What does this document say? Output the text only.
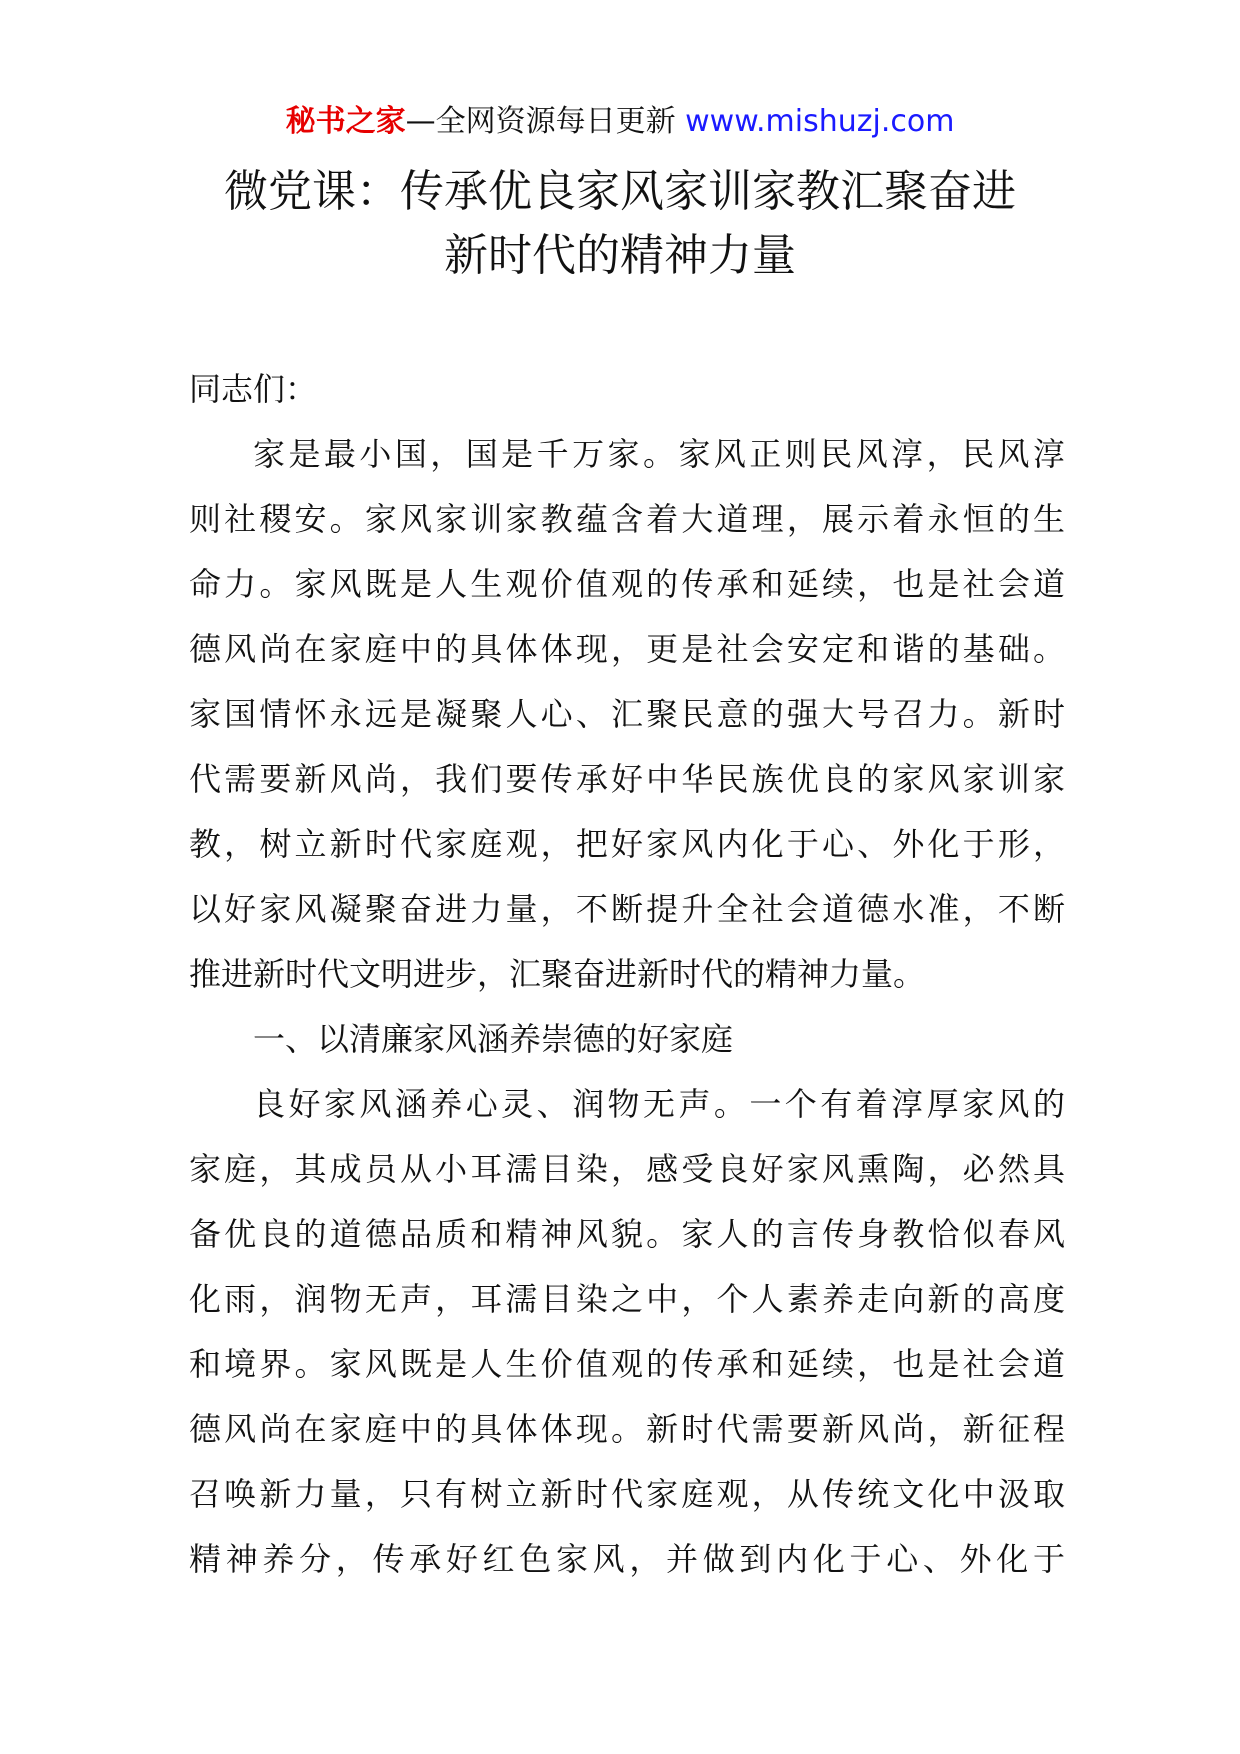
秘书之家—全网资源每日更新 www.mishuzj.com
微党课：传承优良家风家训家教汇聚奋进
新时代的精神力量
同志们：
家是最小国，国是千万家。家风正则民风淳，民风淳
则社稷安。家风家训家教蕴含着大道理，展示着永恒的生
命力。家风既是人生观价值观的传承和延续，也是社会道
德风尚在家庭中的具体体现，更是社会安定和谐的基础。
家国情怀永远是凝聚人心、汇聚民意的强大号召力。新时
代需要新风尚，我们要传承好中华民族优良的家风家训家
教，树立新时代家庭观，把好家风内化于心、外化于形，
以好家风凝聚奋进力量，不断提升全社会道德水准，不断
推进新时代文明进步，汇聚奋进新时代的精神力量。
一、以清廉家风涵养崇德的好家庭
良好家风涵养心灵、润物无声。一个有着淳厚家风的
家庭，其成员从小耳濡目染，感受良好家风熏陶，必然具
备优良的道德品质和精神风貌。家人的言传身教恰似春风
化雨，润物无声，耳濡目染之中，个人素养走向新的高度
和境界。家风既是人生价值观的传承和延续，也是社会道
德风尚在家庭中的具体体现。新时代需要新风尚，新征程
召唤新力量，只有树立新时代家庭观，从传统文化中汲取
精神养分，传承好红色家风，并做到内化于心、外化于
